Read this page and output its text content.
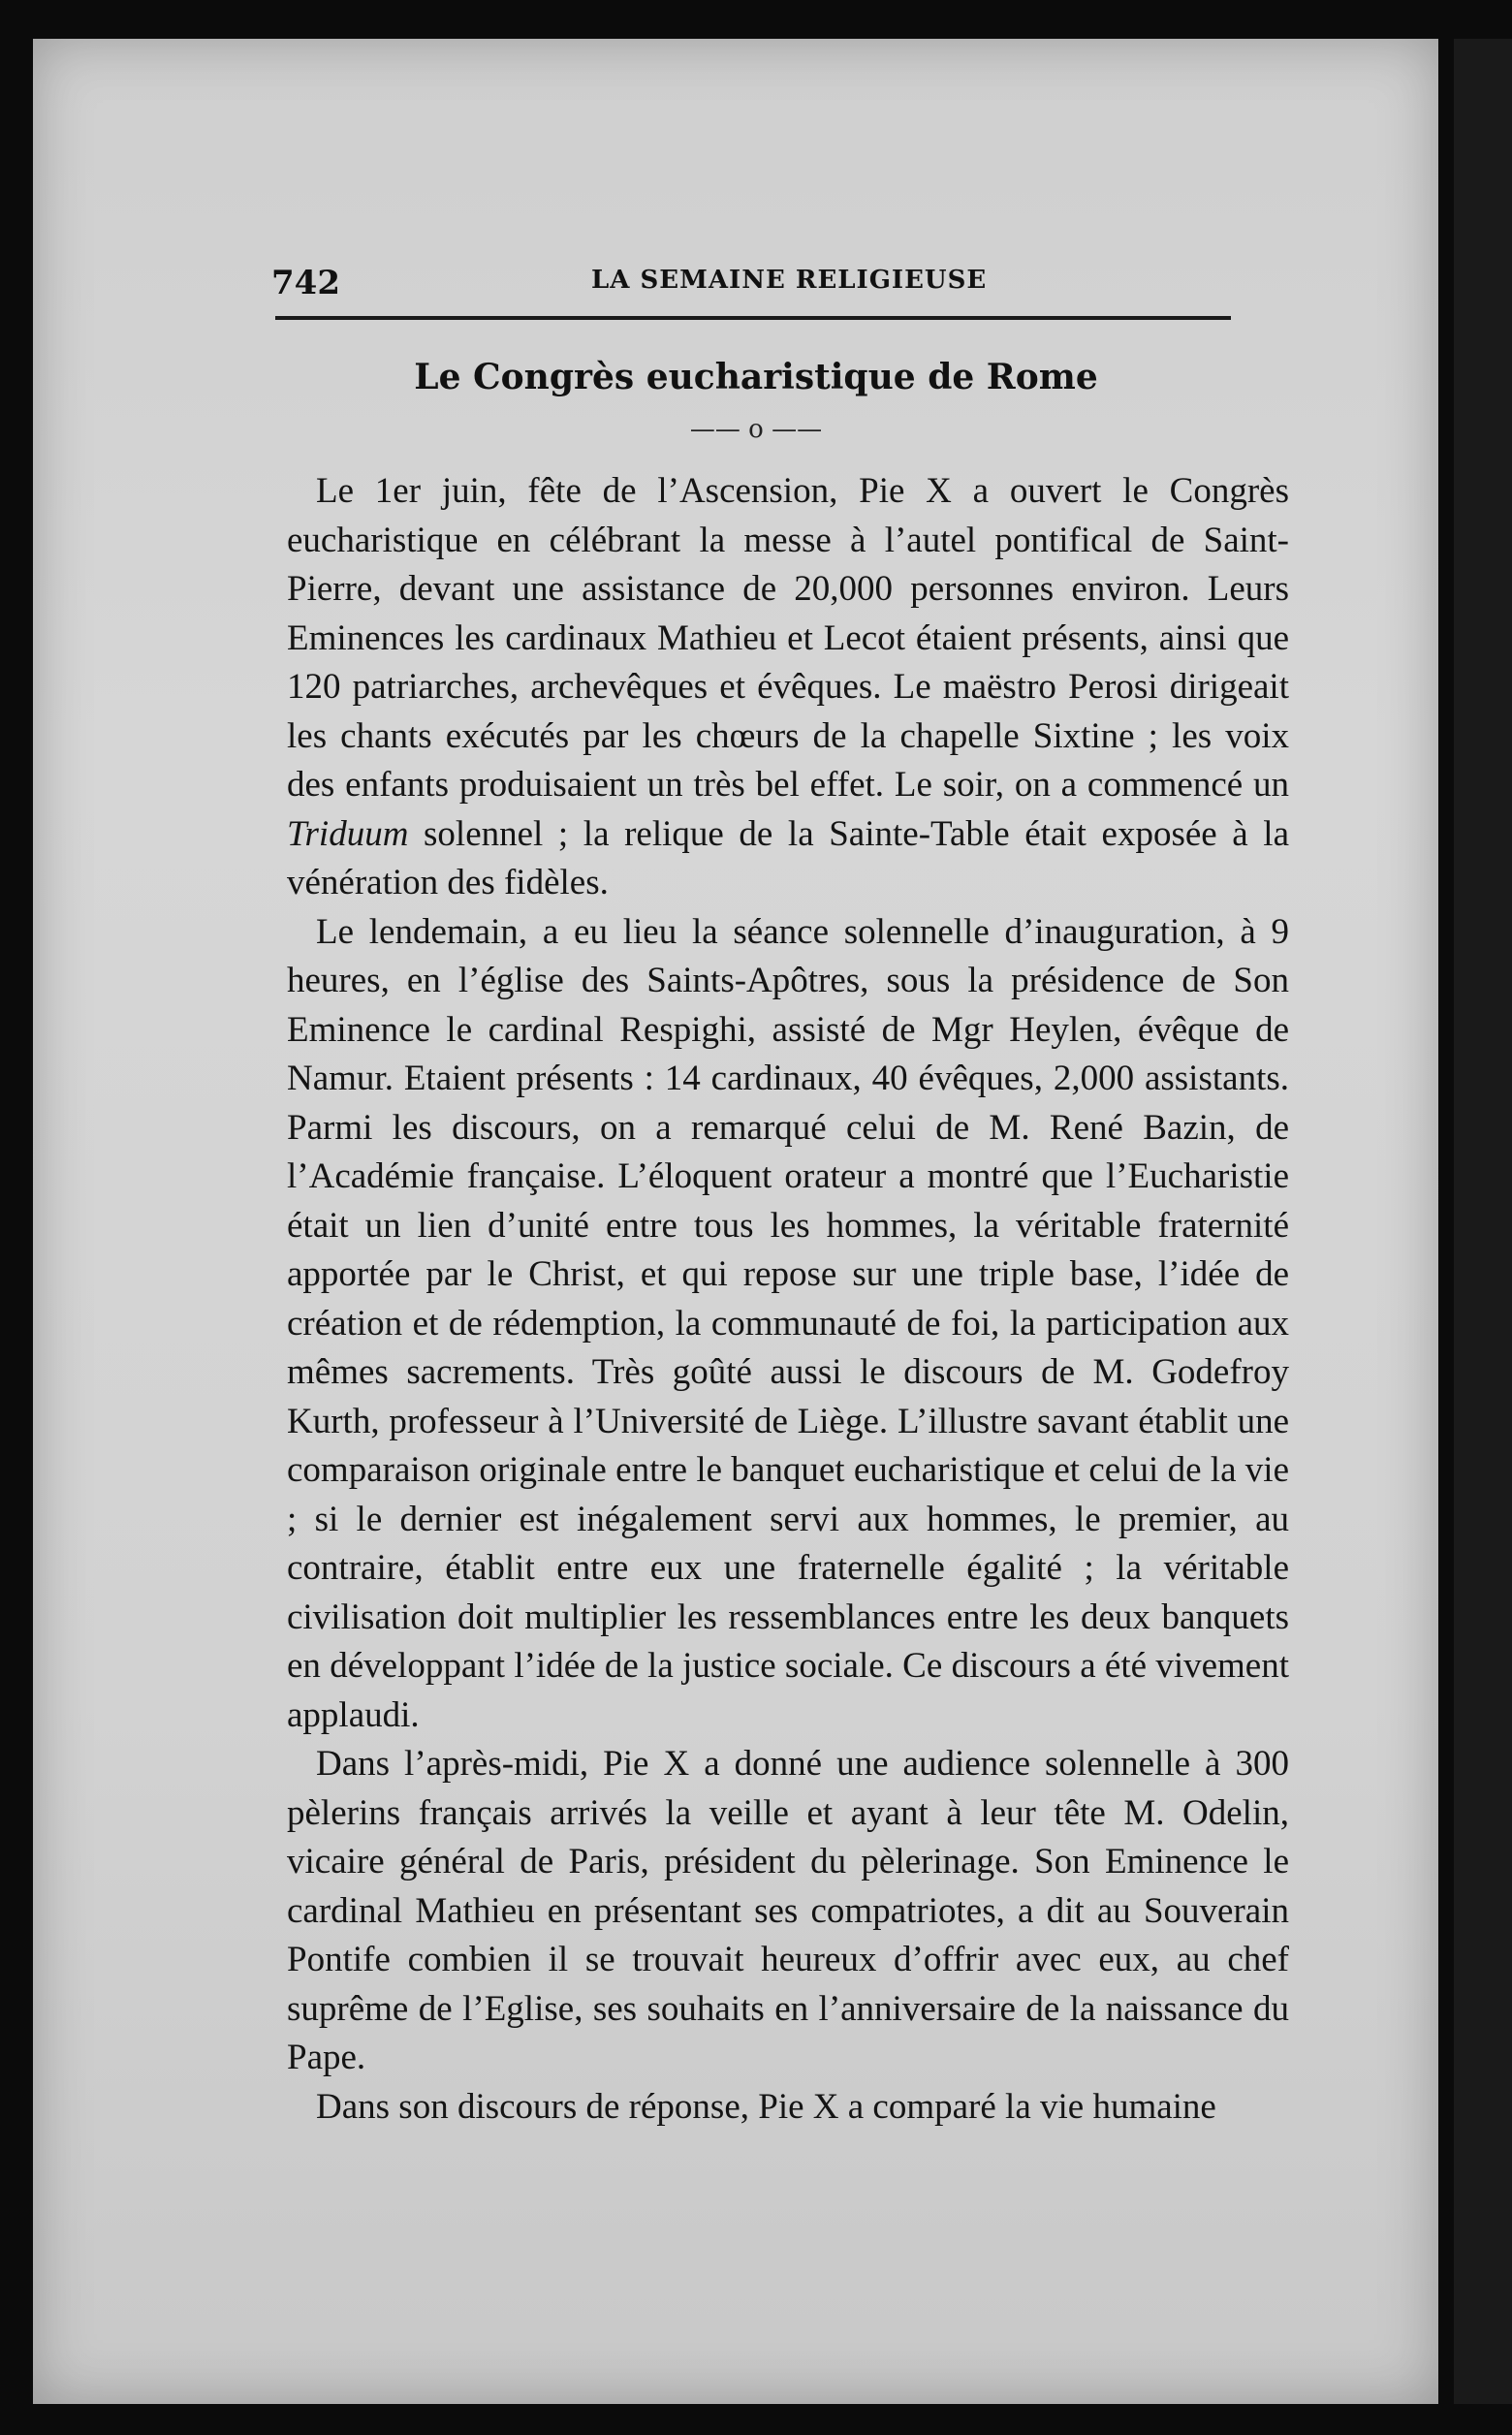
742	LA SEMAINE RELIGIEUSE
Le Congrès eucharistique de Rome
—— o ——

Le 1er juin, fête de l’Ascension, Pie X a ouvert le Congrès eucharistique en célébrant la messe à l’autel pontifical de Saint-Pierre, devant une assistance de 20,000 personnes environ. Leurs Eminences les cardinaux Mathieu et Lecot étaient présents, ainsi que 120 patriarches, archevêques et évêques. Le maëstro Perosi dirigeait les chants exécutés par les chœurs de la chapelle Sixtine ; les voix des enfants produisaient un très bel effet. Le soir, on a commencé un Triduum solennel ; la relique de la Sainte-Table était exposée à la vénération des fidèles.

Le lendemain, a eu lieu la séance solennelle d’inauguration, à 9 heures, en l’église des Saints-Apôtres, sous la présidence de Son Eminence le cardinal Respighi, assisté de Mgr Heylen, évêque de Namur. Etaient présents : 14 cardinaux, 40 évêques, 2,000 assistants. Parmi les discours, on a remarqué celui de M. René Bazin, de l’Académie française. L’éloquent orateur a montré que l’Eucharistie était un lien d’unité entre tous les hommes, la véritable fraternité apportée par le Christ, et qui repose sur une triple base, l’idée de création et de rédemption, la communauté de foi, la participation aux mêmes sacrements. Très goûté aussi le discours de M. Godefroy Kurth, professeur à l’Université de Liège. L’illustre savant établit une comparaison originale entre le banquet eucharistique et celui de la vie ; si le dernier est inégalement servi aux hommes, le premier, au contraire, établit entre eux une fraternelle égalité ; la véritable civilisation doit multiplier les ressemblances entre les deux banquets en développant l’idée de la justice sociale. Ce discours a été vivement applaudi.

Dans l’après-midi, Pie X a donné une audience solennelle à 300 pèlerins français arrivés la veille et ayant à leur tête M. Odelin, vicaire général de Paris, président du pèlerinage. Son Eminence le cardinal Mathieu en présentant ses compatriotes, a dit au Souverain Pontife combien il se trouvait heureux d’offrir avec eux, au chef suprême de l’Eglise, ses souhaits en l’anniversaire de la naissance du Pape.

Dans son discours de réponse, Pie X a comparé la vie humaine
